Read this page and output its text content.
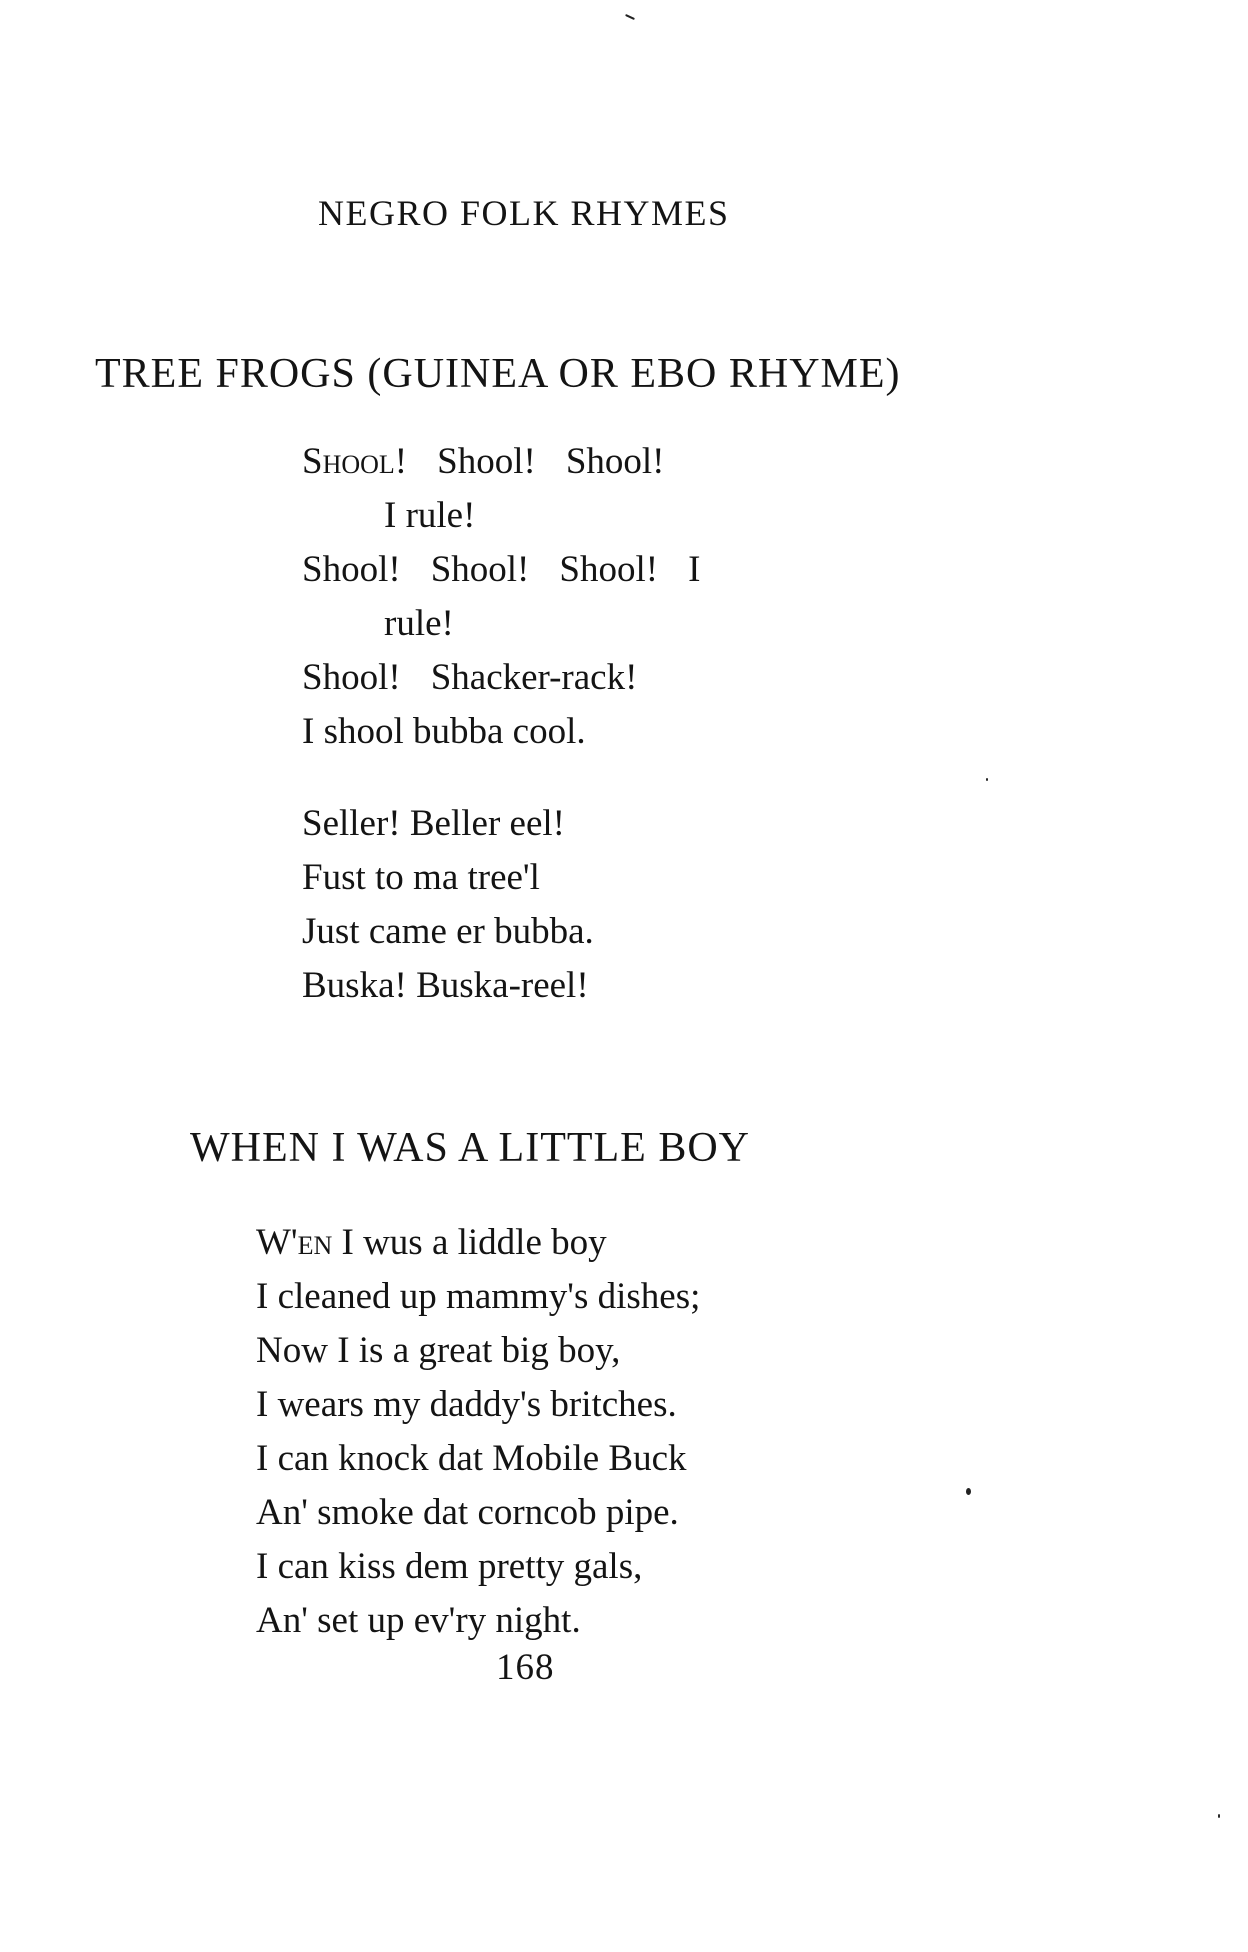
NEGRO FOLK RHYMES
TREE FROGS (GUINEA OR EBO RHYME)
Shool! Shool! Shool!
I rule!
Shool! Shool! Shool! I
rule!
Shool! Shacker-rack!
I shool bubba cool.
Seller! Beller eel!
Fust to ma tree'l
Just came er bubba.
Buska! Buska-reel!
WHEN I WAS A LITTLE BOY
W'en I wus a liddle boy
I cleaned up mammy's dishes;
Now I is a great big boy,
I wears my daddy's britches.
I can knock dat Mobile Buck
An' smoke dat corncob pipe.
I can kiss dem pretty gals,
An' set up ev'ry night.
168
